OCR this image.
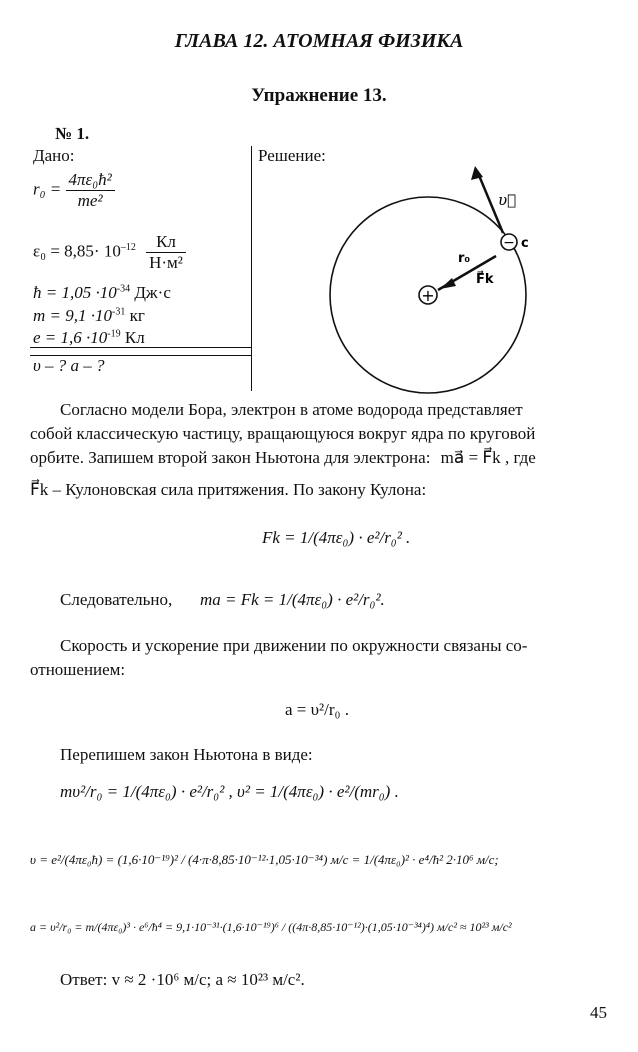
ГЛАВА 12. АТОМНАЯ ФИЗИКА
Упражнение 13.
№ 1.
Дано:	Решение:
$r_0 = \frac{\text{4πε₀ħ²}}{\text{me²}}$
$\varepsilon_0 = 8,85\cdot 10^{-12} \frac{Кл}{\text{Н·м²}}$
ħ = $1,05 \cdot 10^{-34}$ Дж·с
$m = 9,1 \cdot 10^{-31}$ кг
$e = 1,6 \cdot 10^{-19}$ Кл
υ – ? a – ?
+
−
υ⃗
c
r₀
F⃗k
Согласно модели Бора, электрон в атоме водорода представляет
собой классическую частицу, вращающуюся вокруг ядра по круговой
орбите. Запишем второй закон Ньютона для электрона: ma⃗ = F⃗k , где
F⃗k – Кулоновская сила притяжения. По закону Кулона:
Fk = 1/(4πε₀) · e²/r₀² .
Следовательно, ma = Fk = 1/(4πε₀) · e²/r₀².
Скорость и ускорение при движении по окружности связаны со-
отношением:
a = υ²/r₀ .
Перепишем закон Ньютона в виде:
mυ²/r₀ = 1/(4πε₀) · e²/r₀² , υ² = 1/(4πε₀) · e²/(mr₀) .
υ = e²/(4πε₀ħ) = (1,6·10⁻¹⁹)² / (4·π·8,85·10⁻¹²·1,05·10⁻³⁴) м/с = 1/(4πε₀)² · e⁴/ħ² 2·10⁶ м/с;
a = υ²/r₀ = m/(4πε₀)³ · e⁶/ħ⁴ = 9,1·10⁻³¹·(1,6·10⁻¹⁹)⁶ / ((4π·8,85·10⁻¹²)·(1,05·10⁻³⁴)⁴) м/с² ≈ 10²³ м/с²
Ответ: v ≈ 2 ·10⁶ м/с; a ≈ 10²³ м/с².
45
